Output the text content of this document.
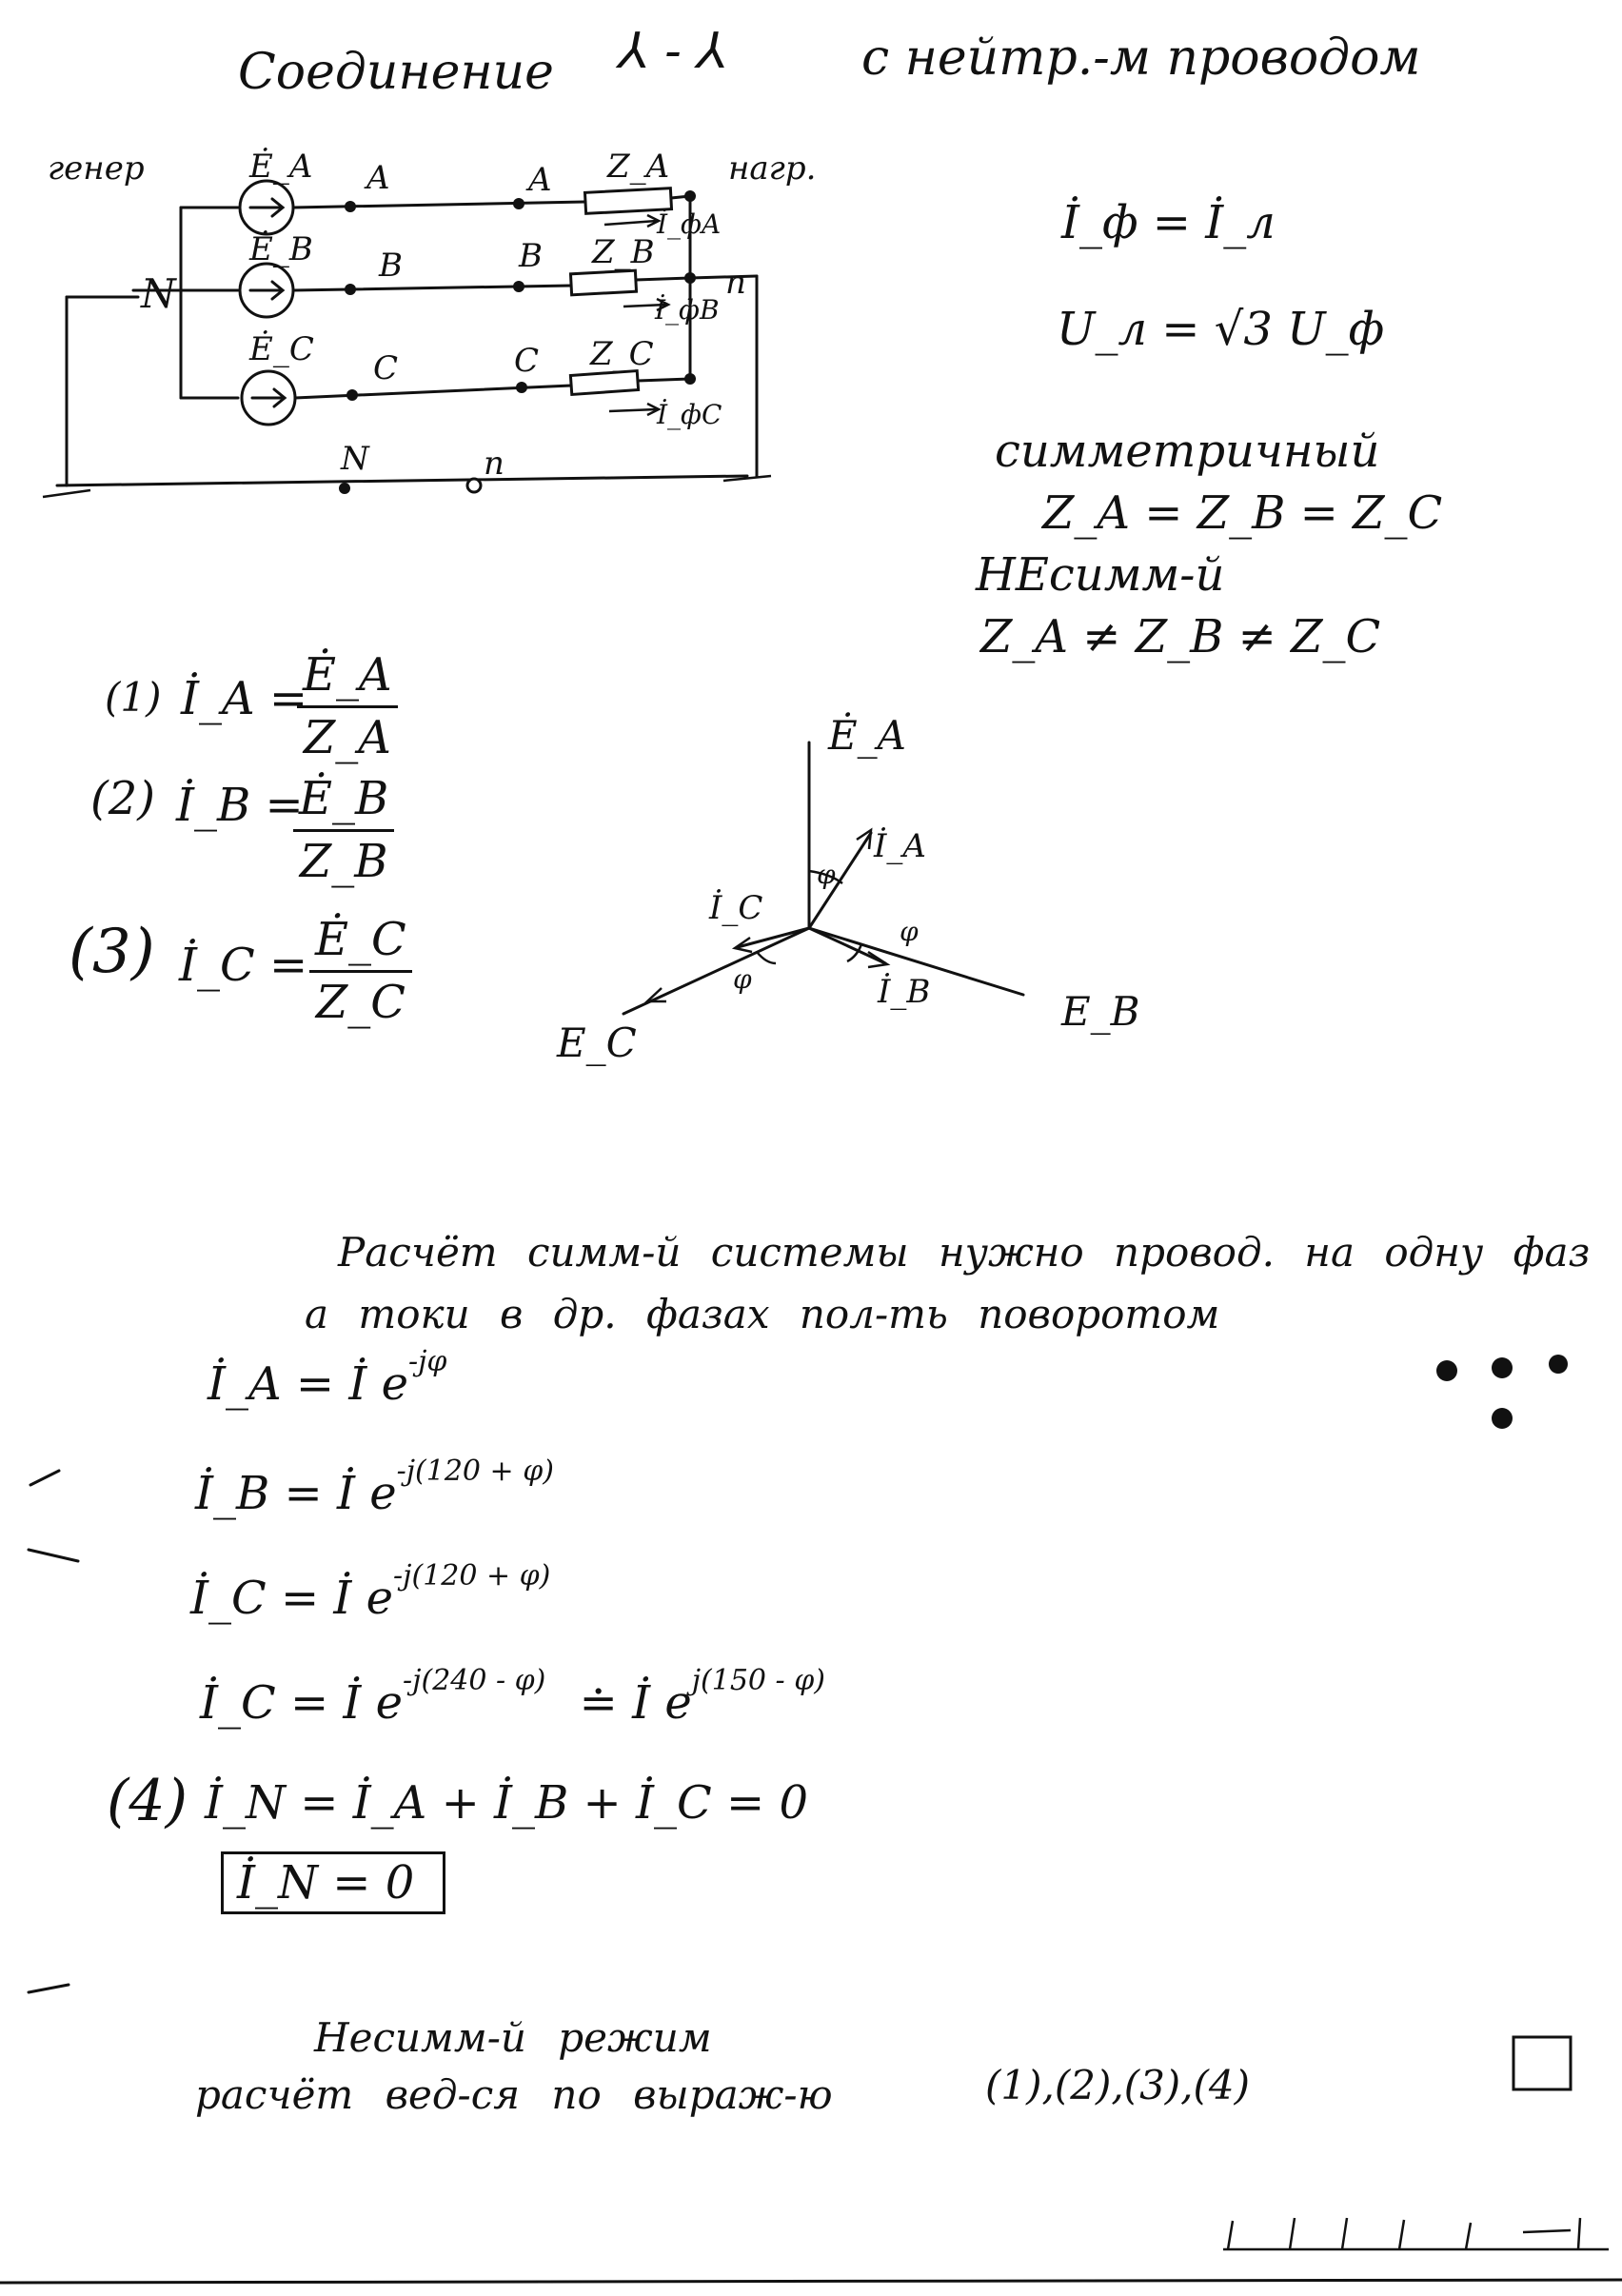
Соединение ⅄ - ⅄	с нейтр.-м проводом
генер	нагр.
N
N	n
n
Ė_A A	A Z_A
İ_фA
Ė_B B	B Z_B
İ_фB
Ė_C C	C Z_C
İ_фC
İ_ф = İ_л
U_л = √3 U_ф
симметричный
Z_A = Z_B = Z_C
НЕсимм-й
Z_A ≠ Z_B ≠ Z_C
(1) İ_A =
$\frac{Ė\_A}{Z\_A}$
(2) İ_B =
$\frac{Ė\_B}{Z\_B}$
(3) İ_C = $\frac{Ė\_C}{Z\_C}$
Ė_A
E_B
E_C
İ_A
İ_B
İ_C
φ
φ
φ
Расчёт симм-й системы нужно провод. на одну фаз
а токи в др. фазах пол-ть поворотом
İ_A = İ $e^{-j\varphi}$
İ_B = İ $e^{-j(120 + \varphi)}$
İ_C = İ $e^{-j(120 + \varphi)}$
İ_C = İ $e^{-j(240 - \varphi)}$ ≐ İ $e^{j(150 - \varphi)}$
(4) İ_N = İ_A + İ_B + İ_C = 0
İ_N = 0
Несимм-й режим
расчёт вед-ся по выраж-ю	(1),(2),(3),(4)
